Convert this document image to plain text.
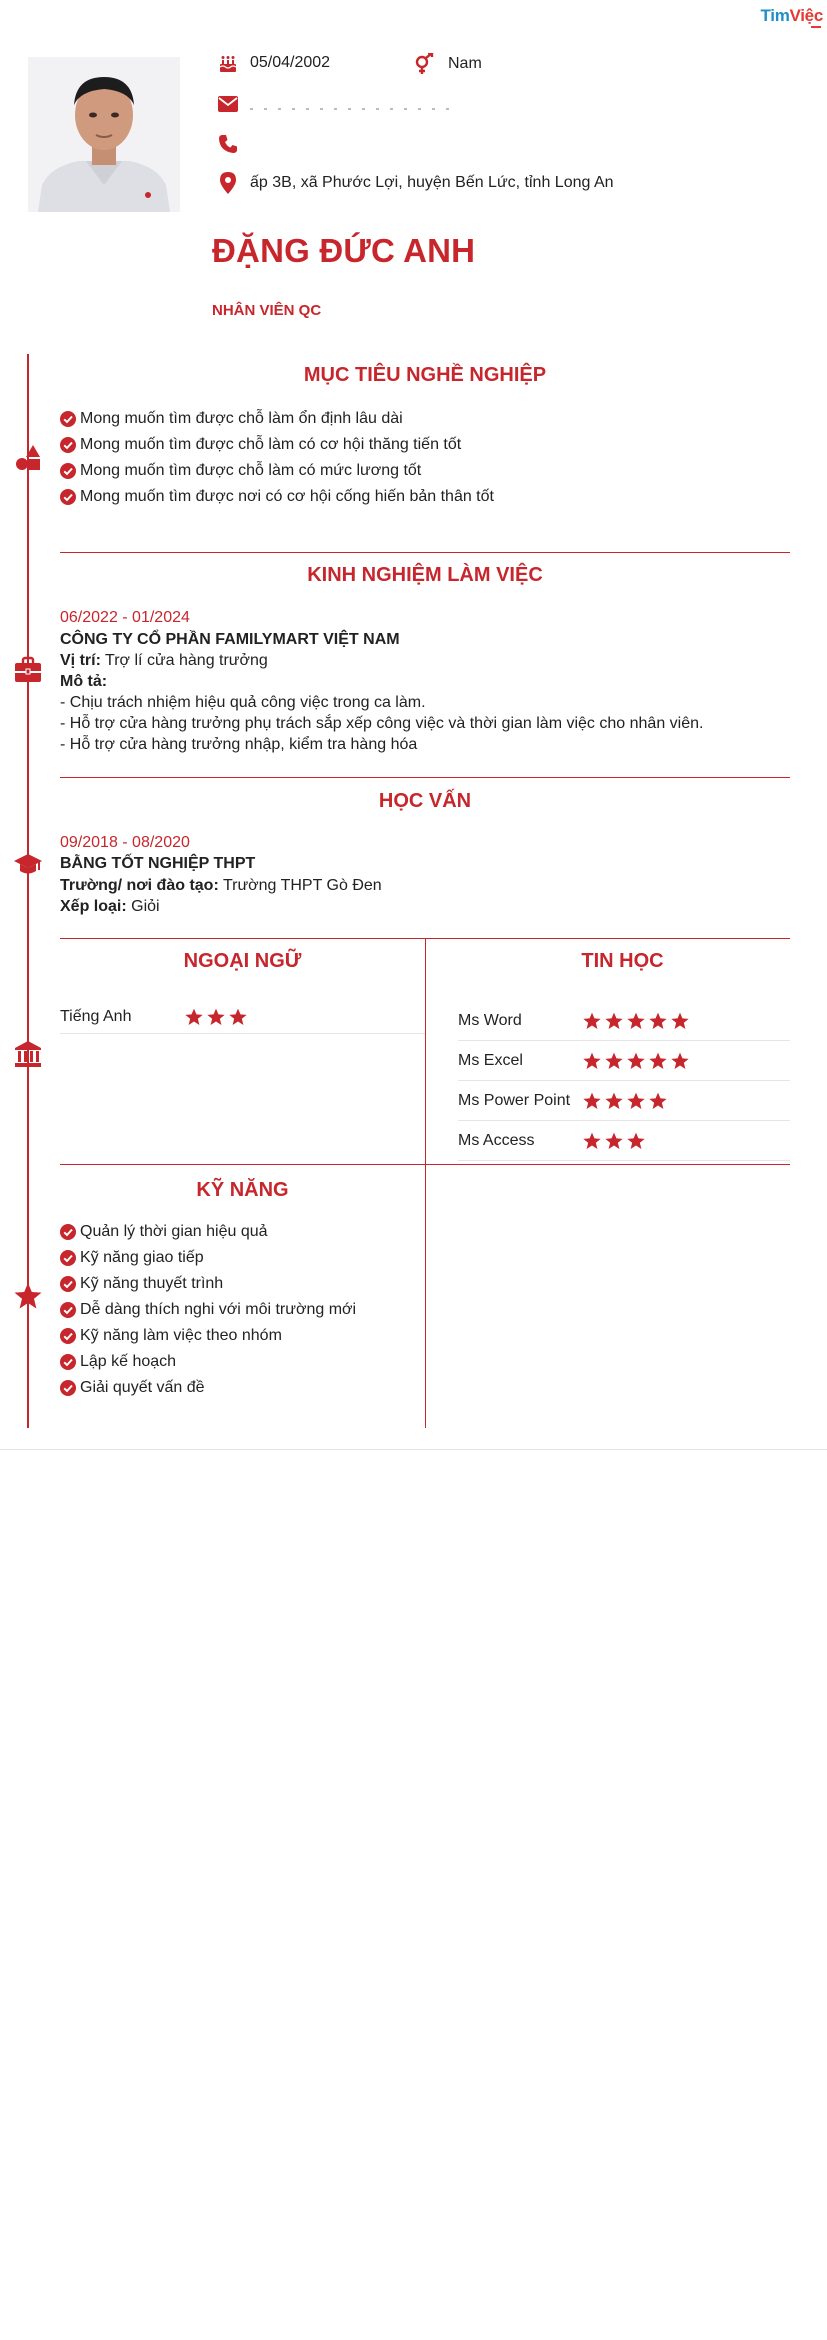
TimViệc
05/04/2002	Nam
ấp 3B, xã Phước Lợi, huyện Bến Lức, tỉnh Long An
ĐẶNG ĐỨC ANH
NHÂN VIÊN QC
MỤC TIÊU NGHỀ NGHIỆP
Mong muốn tìm được chỗ làm ổn định lâu dài
Mong muốn tìm được chỗ làm có cơ hội thăng tiến tốt
Mong muốn tìm được chỗ làm có mức lương tốt
Mong muốn tìm được nơi có cơ hội cống hiến bản thân tốt
KINH NGHIỆM LÀM VIỆC
06/2022 - 01/2024
CÔNG TY CỔ PHẦN FAMILYMART VIỆT NAM
Vị trí: Trợ lí cửa hàng trưởng
Mô tả:
- Chịu trách nhiệm hiệu quả công việc trong ca làm.
- Hỗ trợ cửa hàng trưởng phụ trách sắp xếp công việc và thời gian làm việc cho nhân viên.
- Hỗ trợ cửa hàng trưởng nhập, kiểm tra hàng hóa
HỌC VẤN
09/2018 - 08/2020
BẰNG TỐT NGHIỆP THPT
Trường/ nơi đào tạo: Trường THPT Gò Đen
Xếp loại: Giỏi
NGOẠI NGỮ
Tiếng Anh
TIN HỌC
Ms Word
Ms Excel
Ms Power Point
Ms Access
KỸ NĂNG
Quản lý thời gian hiệu quả
Kỹ năng giao tiếp
Kỹ năng thuyết trình
Dễ dàng thích nghi với môi trường mới
Kỹ năng làm việc theo nhóm
Lập kế hoạch
Giải quyết vấn đề
